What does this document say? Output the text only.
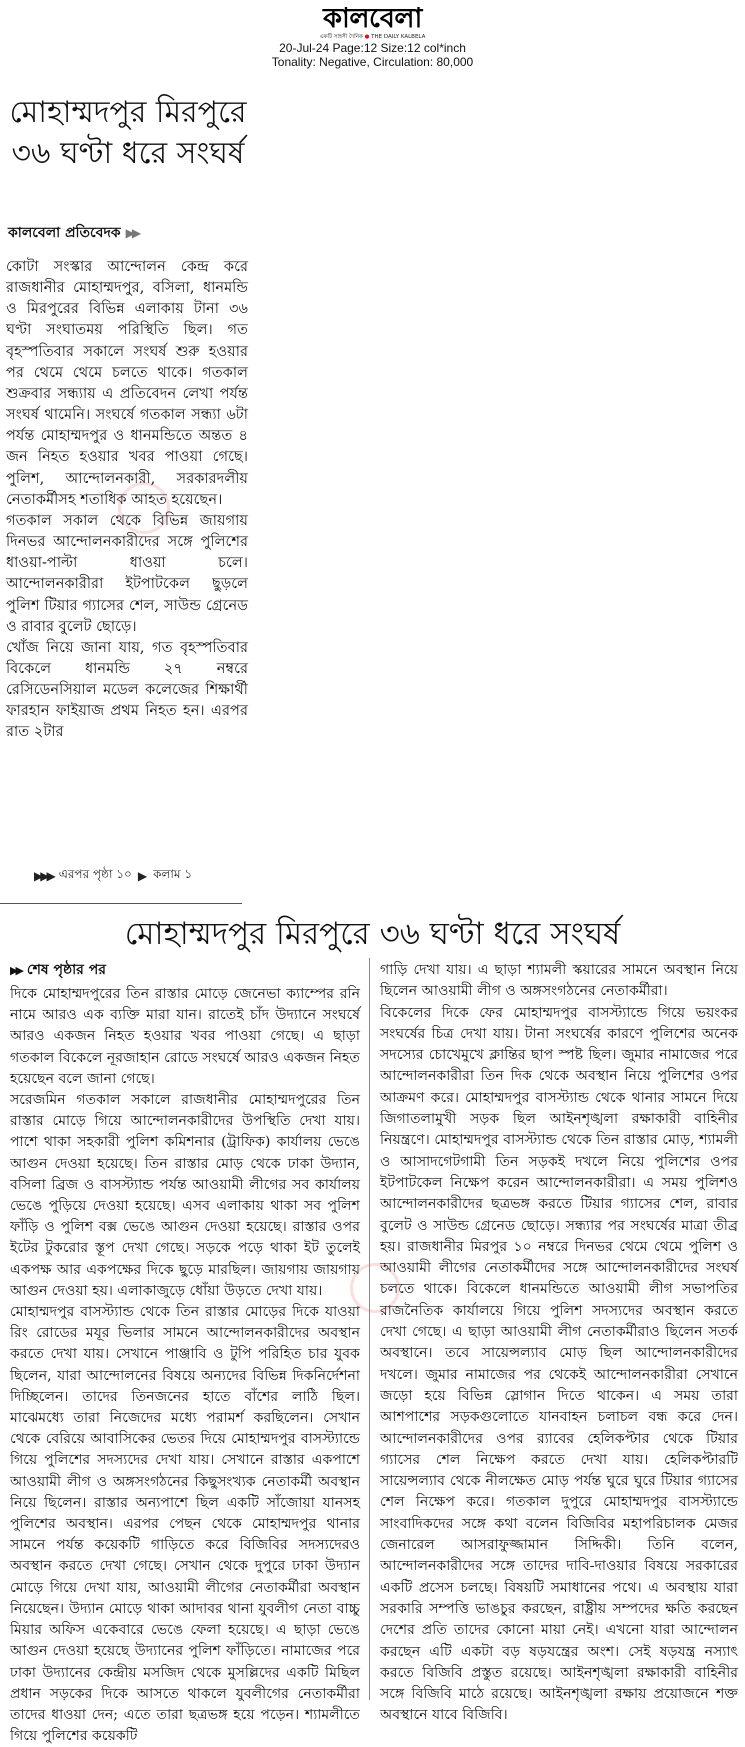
কালবেলা
একটি সাহসী দৈনিক ● THE DAILY KALBELA
20-Jul-24 Page:12 Size:12 col*inch
Tonality: Negative, Circulation: 80,000
মোহাম্মদপুর মিরপুরে ৩৬ ঘণ্টা ধরে সংঘর্ষ
কালবেলা প্রতিবেদক ▶▶

কোটা সংস্কার আন্দোলন কেন্দ্র করে রাজধানীর মোহাম্মদপুর, বসিলা, ধানমন্ডি ও মিরপুরের বিভিন্ন এলাকায় টানা ৩৬ ঘণ্টা সংঘাতময় পরিস্থিতি ছিল। গত বৃহস্পতিবার সকালে সংঘর্ষ শুরু হওয়ার পর থেমে থেমে চলতে থাকে। গতকাল শুক্রবার সন্ধ্যায় এ প্রতিবেদন লেখা পর্যন্ত সংঘর্ষ থামেনি। সংঘর্ষে গতকাল সন্ধ্যা ৬টা পর্যন্ত মোহাম্মদপুর ও ধানমন্ডিতে অন্তত ৪ জন নিহত হওয়ার খবর পাওয়া গেছে। পুলিশ, আন্দোলনকারী, সরকারদলীয় নেতাকর্মীসহ শতাধিক আহত হয়েছেন।

গতকাল সকাল থেকে বিভিন্ন জায়গায় দিনভর আন্দোলনকারীদের সঙ্গে পুলিশের ধাওয়া-পাল্টা ধাওয়া চলে। আন্দোলনকারীরা ইটপাটকেল ছুড়লে পুলিশ টিয়ার গ্যাসের শেল, সাউন্ড গ্রেনেড ও রাবার বুলেট ছোড়ে।

খোঁজ নিয়ে জানা যায়, গত বৃহস্পতিবার বিকেলে ধানমন্ডি ২৭ নম্বরে রেসিডেনসিয়াল মডেল কলেজের শিক্ষার্থী ফারহান ফাইয়াজ প্রথম নিহত হন। এরপর রাত ২টার

▶▶▶ এরপর পৃষ্ঠা ১০ ▶ কলাম ১
মোহাম্মদপুর মিরপুরে ৩৬ ঘণ্টা ধরে সংঘর্ষ
▶▶ শেষ পৃষ্ঠার পর

দিকে মোহাম্মদপুরের তিন রাস্তার মোড়ে জেনেভা ক্যাম্পের রনি নামে আরও এক ব্যক্তি মারা যান। রাতেই চাঁদ উদ্যানে সংঘর্ষে আরও একজন নিহত হওয়ার খবর পাওয়া গেছে। এ ছাড়া গতকাল বিকেলে নূরজাহান রোডে সংঘর্ষে আরও একজন নিহত হয়েছেন বলে জানা গেছে।

সরেজমিন গতকাল সকালে রাজধানীর মোহাম্মদপুরের তিন রাস্তার মোড়ে গিয়ে আন্দোলনকারীদের উপস্থিতি দেখা যায়। পাশে থাকা সহকারী পুলিশ কমিশনার (ট্রাফিক) কার্যালয় ভেঙে আগুন দেওয়া হয়েছে। তিন রাস্তার মোড় থেকে ঢাকা উদ্যান, বসিলা ব্রিজ ও বাসস্ট্যান্ড পর্যন্ত আওয়ামী লীগের সব কার্যালয় ভেঙে পুড়িয়ে দেওয়া হয়েছে। এসব এলাকায় থাকা সব পুলিশ ফাঁড়ি ও পুলিশ বক্স ভেঙে আগুন দেওয়া হয়েছে। রাস্তার ওপর ইটের টুকরোর স্তূপ দেখা গেছে। সড়কে পড়ে থাকা ইট তুলেই একপক্ষ আর একপক্ষের দিকে ছুড়ে মারছিল। জায়গায় জায়গায় আগুন দেওয়া হয়। এলাকাজুড়ে ধোঁয়া উড়তে দেখা যায়।

মোহাম্মদপুর বাসস্ট্যান্ড থেকে তিন রাস্তার মোড়ের দিকে যাওয়া রিং রোডের মযূর ভিলার সামনে আন্দোলনকারীদের অবস্থান করতে দেখা যায়। সেখানে পাঞ্জাবি ও টুপি পরিহিত চার যুবক ছিলেন, যারা আন্দোলনের বিষয়ে অন্যদের বিভিন্ন দিকনির্দেশনা দিচ্ছিলেন। তাদের তিনজনের হাতে বাঁশের লাঠি ছিল। মাঝেমধ্যে তারা নিজেদের মধ্যে পরামর্শ করছিলেন। সেখান থেকে বেরিয়ে আবাসিকের ভেতর দিয়ে মোহাম্মদপুর বাসস্ট্যান্ডে গিয়ে পুলিশের সদস্যদের দেখা যায়। সেখানে রাস্তার একপাশে আওয়ামী লীগ ও অঙ্গসংগঠনের কিছুসংখ্যক নেতাকর্মী অবস্থান নিয়ে ছিলেন। রাস্তার অন্যপাশে ছিল একটি সাঁজোয়া যানসহ পুলিশের অবস্থান। এরপর পেছন থেকে মোহাম্মদপুর থানার সামনে পর্যন্ত কয়েকটি গাড়িতে করে বিজিবির সদস্যদেরও অবস্থান করতে দেখা গেছে। সেখান থেকে দুপুরে ঢাকা উদ্যান মোড়ে গিয়ে দেখা যায়, আওয়ামী লীগের নেতাকর্মীরা অবস্থান নিয়েছেন। উদ্যান মোড়ে থাকা আদাবর থানা যুবলীগ নেতা বাচ্চু মিয়ার অফিস একেবারে ভেঙে ফেলা হয়েছে। এ ছাড়া ভেঙে আগুন দেওয়া হয়েছে উদ্যানের পুলিশ ফাঁড়িতে। নামাজের পরে ঢাকা উদ্যানের কেন্দ্রীয় মসজিদ থেকে মুসল্লিদের একটি মিছিল প্রধান সড়কের দিকে আসতে থাকলে যুবলীগের নেতাকর্মীরা তাদের ধাওয়া দেন; এতে তারা ছত্রভঙ্গ হয়ে পড়েন। শ্যামলীতে গিয়ে পুলিশের কয়েকটি

গাড়ি দেখা যায়। এ ছাড়া শ্যামলী স্কয়ারের সামনে অবস্থান নিয়ে ছিলেন আওয়ামী লীগ ও অঙ্গসংগঠনের নেতাকর্মীরা।

বিকেলের দিকে ফের মোহাম্মদপুর বাসস্ট্যান্ডে গিয়ে ভয়ংকর সংঘর্ষের চিত্র দেখা যায়। টানা সংঘর্ষের কারণে পুলিশের অনেক সদস্যের চোখেমুখে ক্লান্তির ছাপ স্পষ্ট ছিল। জুমার নামাজের পরে আন্দোলনকারীরা তিন দিক থেকে অবস্থান নিয়ে পুলিশের ওপর আক্রমণ করে। মোহাম্মদপুর বাসস্ট্যান্ড থেকে থানার সামনে দিয়ে জিগাতলামুখী সড়ক ছিল আইনশৃঙ্খলা রক্ষাকারী বাহিনীর নিয়ন্ত্রণে। মোহাম্মদপুর বাসস্ট্যান্ড থেকে তিন রাস্তার মোড়, শ্যামলী ও আসাদগেটগামী তিন সড়কই দখলে নিয়ে পুলিশের ওপর ইটপাটকেল নিক্ষেপ করেন আন্দোলনকারীরা। এ সময় পুলিশও আন্দোলনকারীদের ছত্রভঙ্গ করতে টিয়ার গ্যাসের শেল, রাবার বুলেট ও সাউন্ড গ্রেনেড ছোড়ে। সন্ধ্যার পর সংঘর্ষের মাত্রা তীব্র হয়। রাজধানীর মিরপুর ১০ নম্বরে দিনভর থেমে থেমে পুলিশ ও আওয়ামী লীগের নেতাকর্মীদের সঙ্গে আন্দোলনকারীদের সংঘর্ষ চলতে থাকে। বিকেলে ধানমন্ডিতে আওয়ামী লীগ সভাপতির রাজনৈতিক কার্যালয়ে গিয়ে পুলিশ সদস্যদের অবস্থান করতে দেখা গেছে। এ ছাড়া আওয়ামী লীগ নেতাকর্মীরাও ছিলেন সতর্ক অবস্থানে। তবে সায়েন্সল্যাব মোড় ছিল আন্দোলনকারীদের দখলে। জুমার নামাজের পর থেকেই আন্দোলনকারীরা সেখানে জড়ো হয়ে বিভিন্ন স্লোগান দিতে থাকেন। এ সময় তারা আশপাশের সড়কগুলোতে যানবাহন চলাচল বন্ধ করে দেন। আন্দোলনকারীদের ওপর র‌্যাবের হেলিকপ্টার থেকে টিয়ার গ্যাসের শেল নিক্ষেপ করতে দেখা যায়। হেলিকপ্টারটি সায়েন্সল্যাব থেকে নীলক্ষেত মোড় পর্যন্ত ঘুরে ঘুরে টিয়ার গ্যাসের শেল নিক্ষেপ করে। গতকাল দুপুরে মোহাম্মদপুর বাসস্ট্যান্ডে সাংবাদিকদের সঙ্গে কথা বলেন বিজিবির মহাপরিচালক মেজর জেনারেল আসরাফুজ্জামান সিদ্দিকী। তিনি বলেন, আন্দোলনকারীদের সঙ্গে তাদের দাবি-দাওয়ার বিষয়ে সরকারের একটি প্রসেস চলছে। বিষয়টি সমাধানের পথে। এ অবস্থায় যারা সরকারি সম্পত্তি ভাঙচুর করছেন, রাষ্ট্রীয় সম্পদের ক্ষতি করছেন দেশের প্রতি তাদের কোনো মায়া নেই। এখনো যারা আন্দোলন করছেন এটি একটা বড় ষড়যন্ত্রের অংশ। সেই ষড়যন্ত্র নস্যাৎ করতে বিজিবি প্রস্তুত রয়েছে। আইনশৃঙ্খলা রক্ষাকারী বাহিনীর সঙ্গে বিজিবি মাঠে রয়েছে। আইনশৃঙ্খলা রক্ষায় প্রয়োজনে শক্ত অবস্থানে যাবে বিজিবি।
